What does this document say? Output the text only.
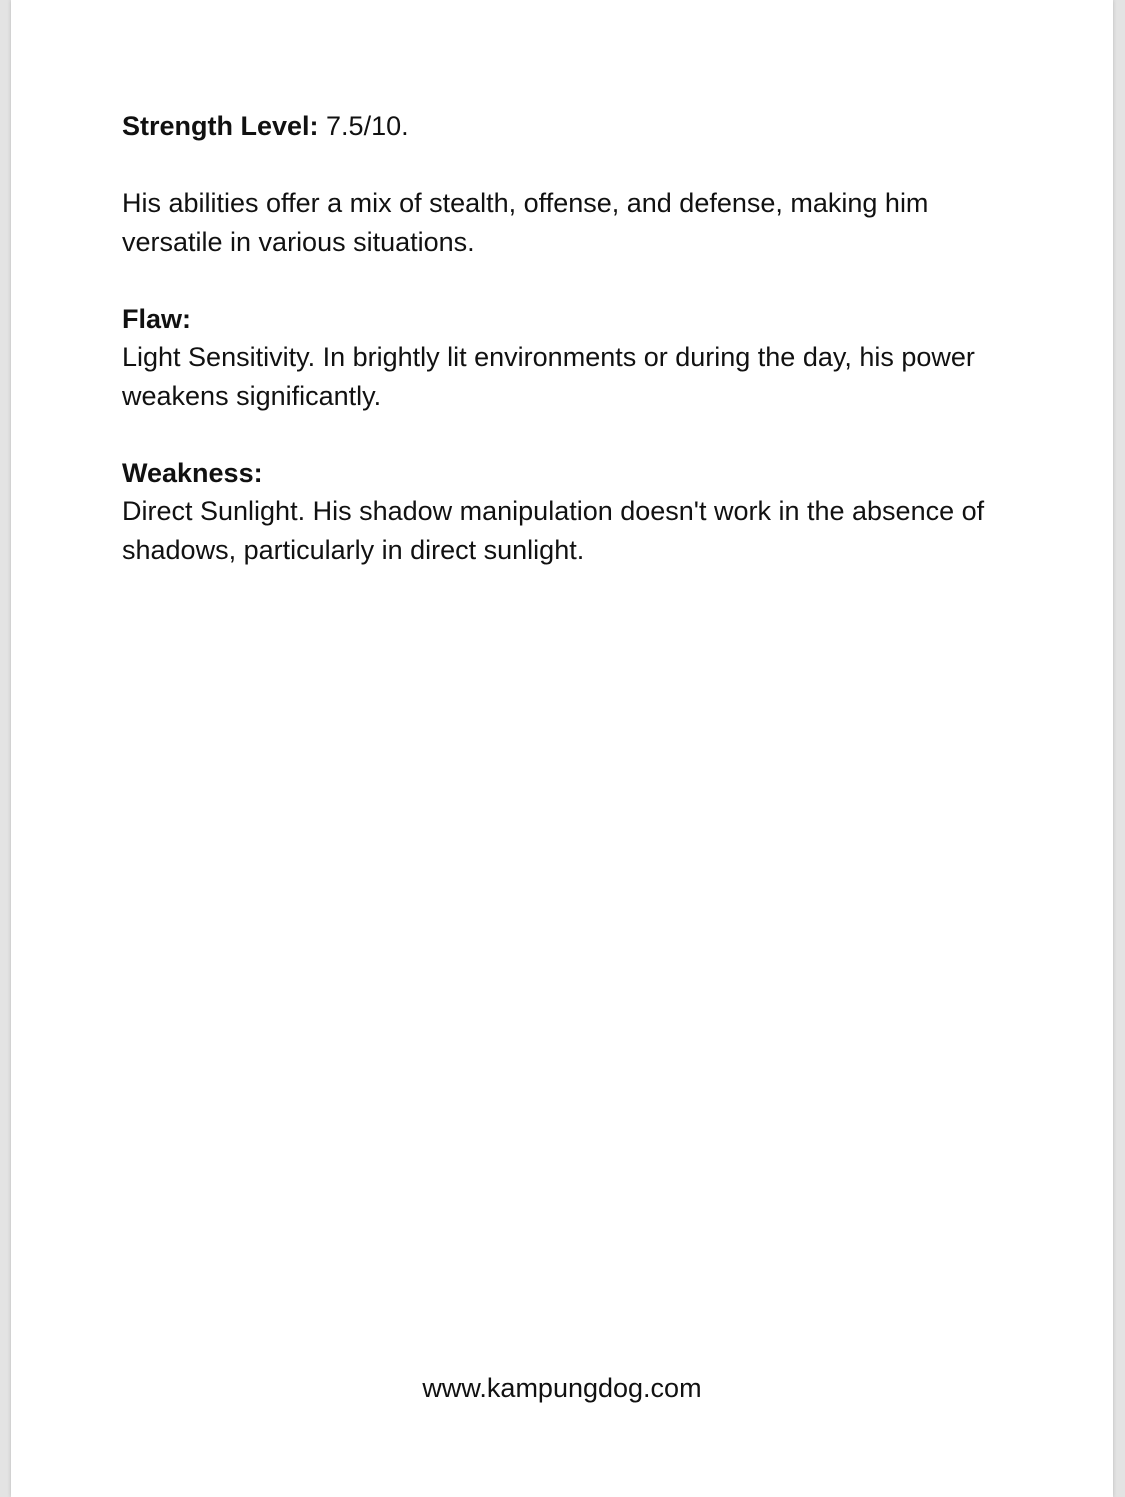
Strength Level: 7.5/10.

His abilities offer a mix of stealth, offense, and defense, making him versatile in various situations.

Flaw:
Light Sensitivity. In brightly lit environments or during the day, his power weakens significantly.
Weakness:
Direct Sunlight. His shadow manipulation doesn't work in the absence of shadows, particularly in direct sunlight.
www.kampungdog.com
